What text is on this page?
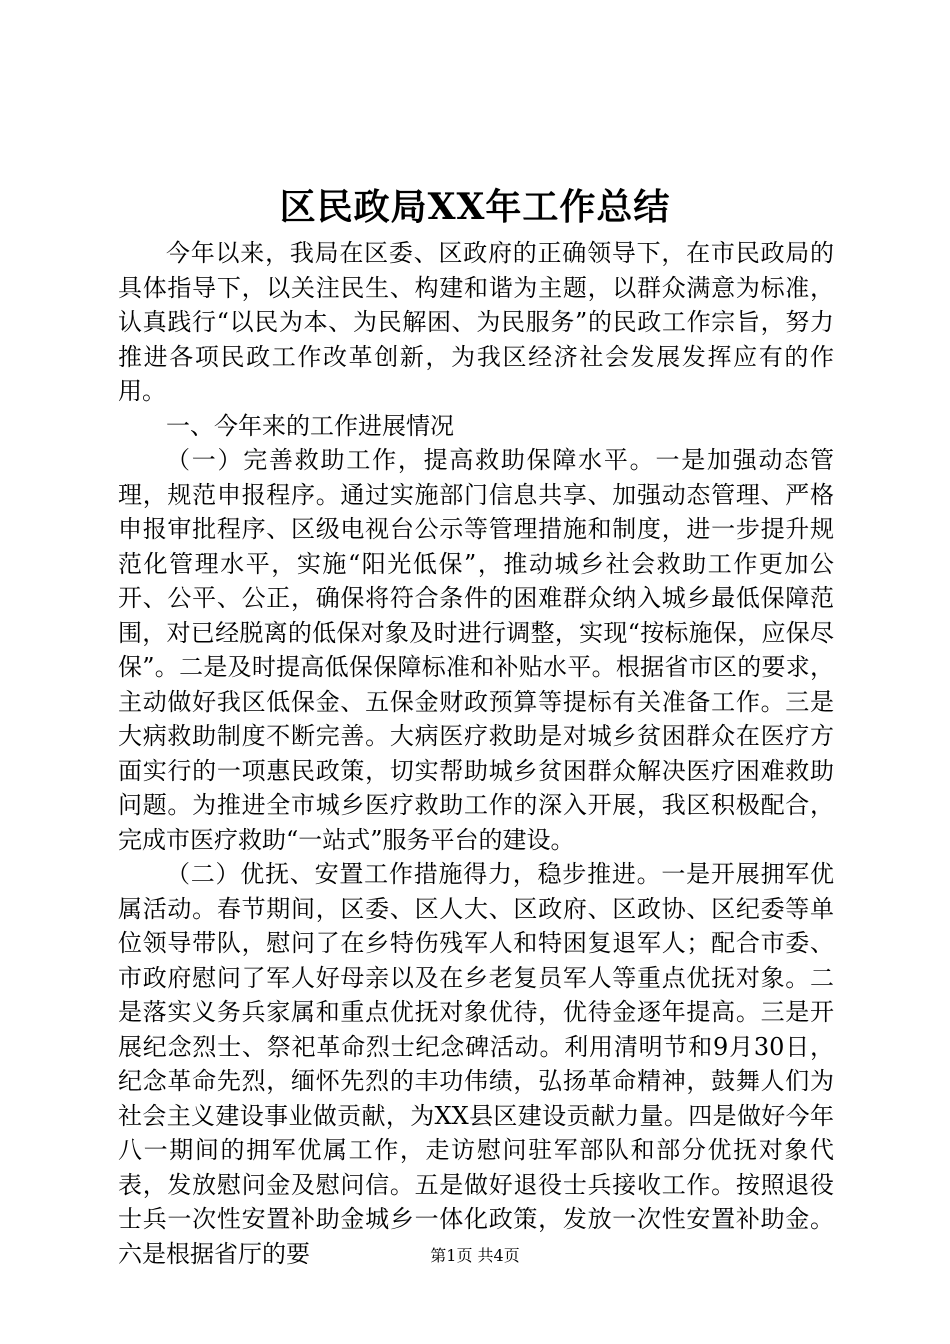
区民政局XX年工作总结

今年以来，我局在区委、区政府的正确领导下，在市民政局的具体指导下，以关注民生、构建和谐为主题，以群众满意为标准，认真践行“以民为本、为民解困、为民服务”的民政工作宗旨，努力推进各项民政工作改革创新，为我区经济社会发展发挥应有的作用。

一、今年来的工作进展情况

（一）完善救助工作，提高救助保障水平。一是加强动态管理，规范申报程序。通过实施部门信息共享、加强动态管理、严格申报审批程序、区级电视台公示等管理措施和制度，进一步提升规范化管理水平，实施“阳光低保”，推动城乡社会救助工作更加公开、公平、公正，确保将符合条件的困难群众纳入城乡最低保障范围，对已经脱离的低保对象及时进行调整，实现“按标施保，应保尽保”。二是及时提高低保保障标准和补贴水平。根据省市区的要求，主动做好我区低保金、五保金财政预算等提标有关准备工作。三是大病救助制度不断完善。大病医疗救助是对城乡贫困群众在医疗方面实行的一项惠民政策，切实帮助城乡贫困群众解决医疗困难救助问题。为推进全市城乡医疗救助工作的深入开展，我区积极配合，完成市医疗救助“一站式”服务平台的建设。

（二）优抚、安置工作措施得力，稳步推进。一是开展拥军优属活动。春节期间，区委、区人大、区政府、区政协、区纪委等单位领导带队，慰问了在乡特伤残军人和特困复退军人；配合市委、市政府慰问了军人好母亲以及在乡老复员军人等重点优抚对象。二是落实义务兵家属和重点优抚对象优待，优待金逐年提高。三是开展纪念烈士、祭祀革命烈士纪念碑活动。利用清明节和9月30日，纪念革命先烈，缅怀先烈的丰功伟绩，弘扬革命精神，鼓舞人们为社会主义建设事业做贡献，为XX县区建设贡献力量。四是做好今年八一期间的拥军优属工作，走访慰问驻军部队和部分优抚对象代表，发放慰问金及慰问信。五是做好退役士兵接收工作。按照退役士兵一次性安置补助金城乡一体化政策，发放一次性安置补助金。六是根据省厅的要	第1页 共4页
